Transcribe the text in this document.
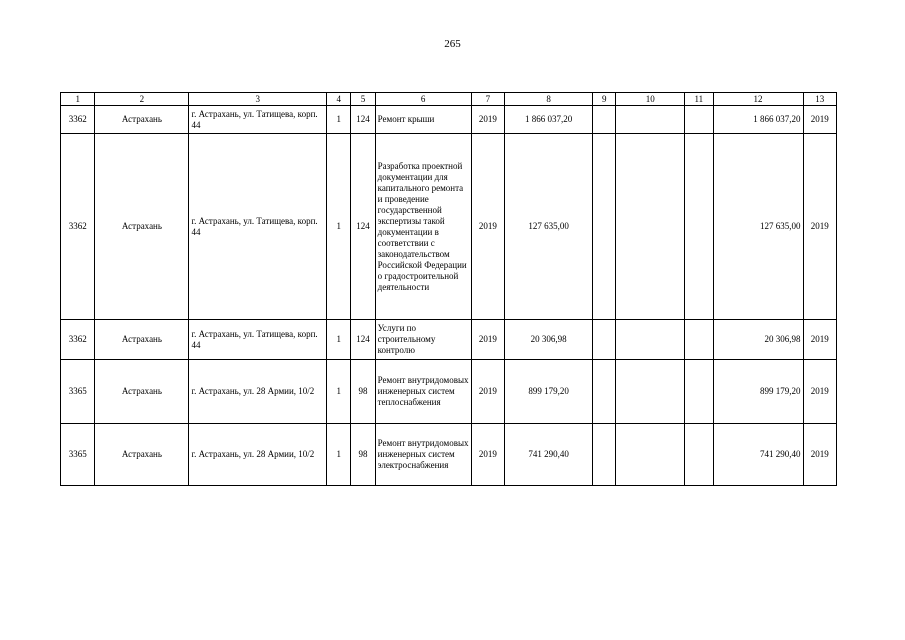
265
1	2	3	4	5	6	7	8	9	10	11	12	13
3362	Астрахань	г. Астрахань, ул. Татищева, корп. 44	1	124	Ремонт крыши	2019	1 866 037,20				1 866 037,20	2019
3362	Астрахань	г. Астрахань, ул. Татищева, корп. 44	1	124	Разработка проектной документации для капитального ремонта и проведение государственной экспертизы такой документации в соответствии с законодательством Российской Федерации о градостроительной деятельности	2019	127 635,00				127 635,00	2019
3362	Астрахань	г. Астрахань, ул. Татищева, корп. 44	1	124	Услуги по строительному контролю	2019	20 306,98				20 306,98	2019
3365	Астрахань	г. Астрахань, ул. 28 Армии, 10/2	1	98	Ремонт внутридомовых инженерных систем теплоснабжения	2019	899 179,20				899 179,20	2019
3365	Астрахань	г. Астрахань, ул. 28 Армии, 10/2	1	98	Ремонт внутридомовых инженерных систем электроснабжения	2019	741 290,40				741 290,40	2019
